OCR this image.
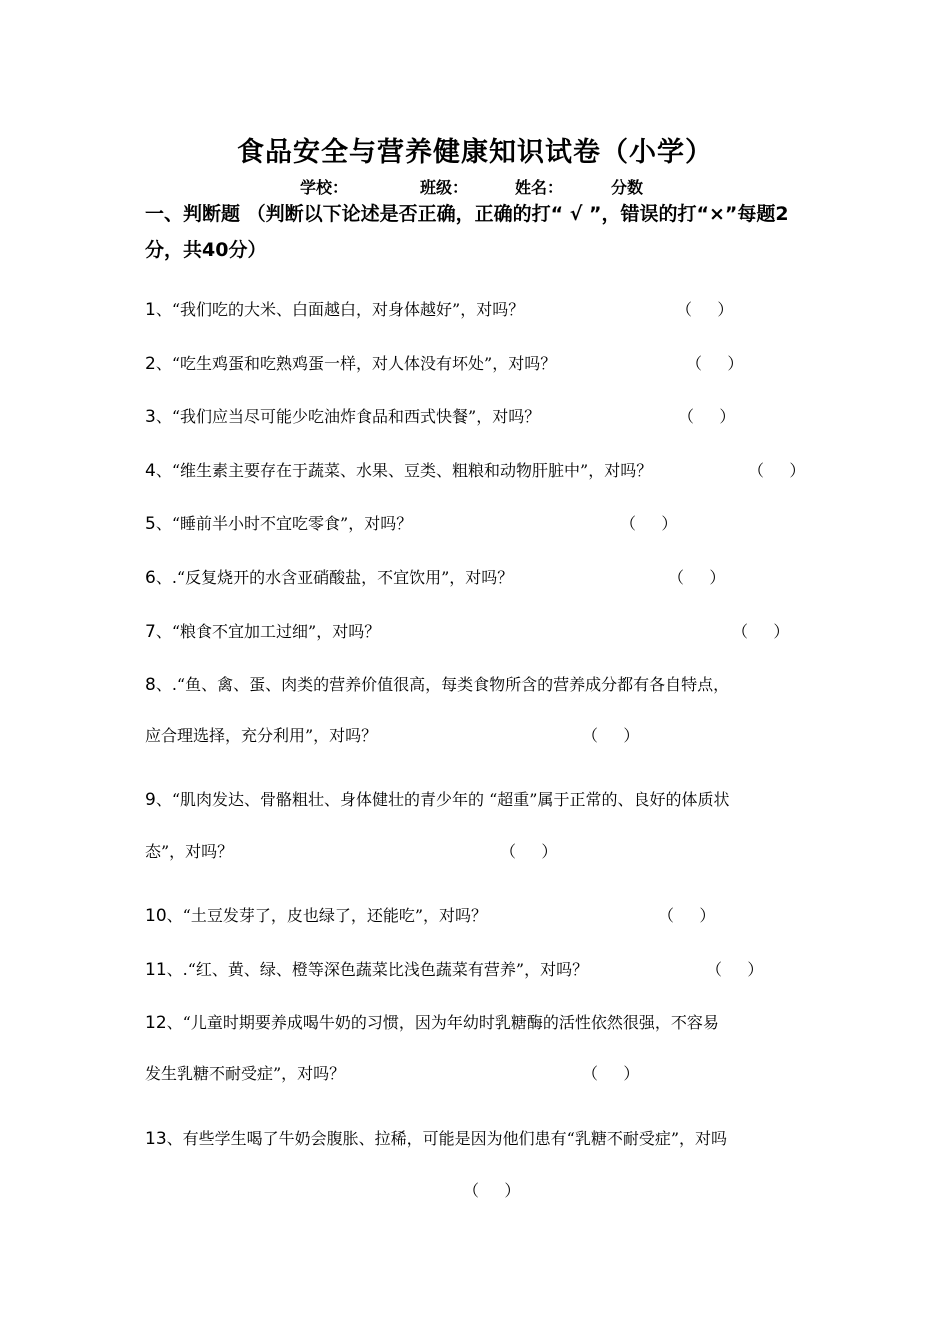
食品安全与营养健康知识试卷（小学）
学校：	班级：	姓名：	分数
一、判断题 （判断以下论述是否正确，正确的打“ √ ”，错误的打“×”每题2分，共40分）
1、“我们吃的大米、白面越白，对身体越好”，对吗？	（     ）
2、“吃生鸡蛋和吃熟鸡蛋一样，对人体没有坏处”，对吗？	（     ）
3、“我们应当尽可能少吃油炸食品和西式快餐”，对吗？	（     ）
4、“维生素主要存在于蔬菜、水果、豆类、粗粮和动物肝脏中”，对吗？	（     ）
5、“睡前半小时不宜吃零食”，对吗？	（     ）
6、.“反复烧开的水含亚硝酸盐，不宜饮用”，对吗？	（     ）
7、“粮食不宜加工过细”，对吗？	（     ）
8、.“鱼、禽、蛋、肉类的营养价值很高，每类食物所含的营养成分都有各自特点，
应合理选择，充分利用”，对吗？	（     ）
9、“肌肉发达、骨骼粗壮、身体健壮的青少年的 “超重”属于正常的、良好的体质状
态”，对吗？	（     ）
10、“土豆发芽了，皮也绿了，还能吃”，对吗？	（     ）
11、.“红、黄、绿、橙等深色蔬菜比浅色蔬菜有营养”，对吗？	（     ）
12、“儿童时期要养成喝牛奶的习惯，因为年幼时乳糖酶的活性依然很强，不容易
发生乳糖不耐受症”，对吗？	（     ）
13、有些学生喝了牛奶会腹胀、拉稀，可能是因为他们患有“乳糖不耐受症”，对吗
（     ）
